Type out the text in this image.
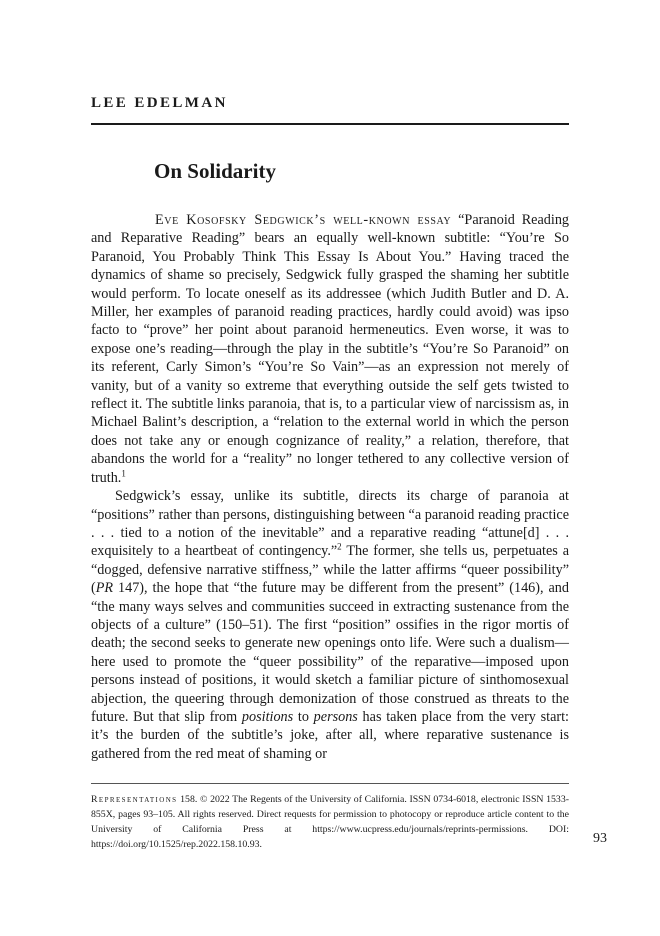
LEE EDELMAN
On Solidarity

Eve Kosofsky Sedgwick’s well-known essay “Paranoid Reading and Reparative Reading” bears an equally well-known subtitle: “You’re So Paranoid, You Probably Think This Essay Is About You.” Having traced the dynamics of shame so precisely, Sedgwick fully grasped the shaming her subtitle would perform. To locate oneself as its addressee (which Judith Butler and D. A. Miller, her examples of paranoid reading practices, hardly could avoid) was ipso facto to “prove” her point about paranoid hermeneutics. Even worse, it was to expose one’s reading—through the play in the subtitle’s “You’re So Paranoid” on its referent, Carly Simon’s “You’re So Vain”—as an expression not merely of vanity, but of a vanity so extreme that everything outside the self gets twisted to reflect it. The subtitle links paranoia, that is, to a particular view of narcissism as, in Michael Balint’s description, a “relation to the external world in which the person does not take any or enough cognizance of reality,” a relation, therefore, that abandons the world for a “reality” no longer tethered to any collective version of truth.$^1$

Sedgwick’s essay, unlike its subtitle, directs its charge of paranoia at “positions” rather than persons, distinguishing between “a paranoid reading practice . . . tied to a notion of the inevitable” and a reparative reading “attune[d] . . . exquisitely to a heartbeat of contingency.”$^2$ The former, she tells us, perpetuates a “dogged, defensive narrative stiffness,” while the latter affirms “queer possibility” (PR 147), the hope that “the future may be different from the present” (146), and “the many ways selves and communities succeed in extracting sustenance from the objects of a culture” (150–51). The first “position” ossifies in the rigor mortis of death; the second seeks to generate new openings onto life. Were such a dualism—here used to promote the “queer possibility” of the reparative—imposed upon persons instead of positions, it would sketch a familiar picture of sinthomosexual abjection, the queering through demonization of those construed as threats to the future. But that slip from positions to persons has taken place from the very start: it’s the burden of the subtitle’s joke, after all, where reparative sustenance is gathered from the red meat of shaming or

Representations 158. © 2022 The Regents of the University of California. ISSN 0734-6018, electronic ISSN 1533-855X, pages 93–105. All rights reserved. Direct requests for permission to photocopy or reproduce article content to the University of California Press at https://www.ucpress.edu/journals/reprints-permissions. DOI: https://doi.org/10.1525/rep.2022.158.10.93.	93
